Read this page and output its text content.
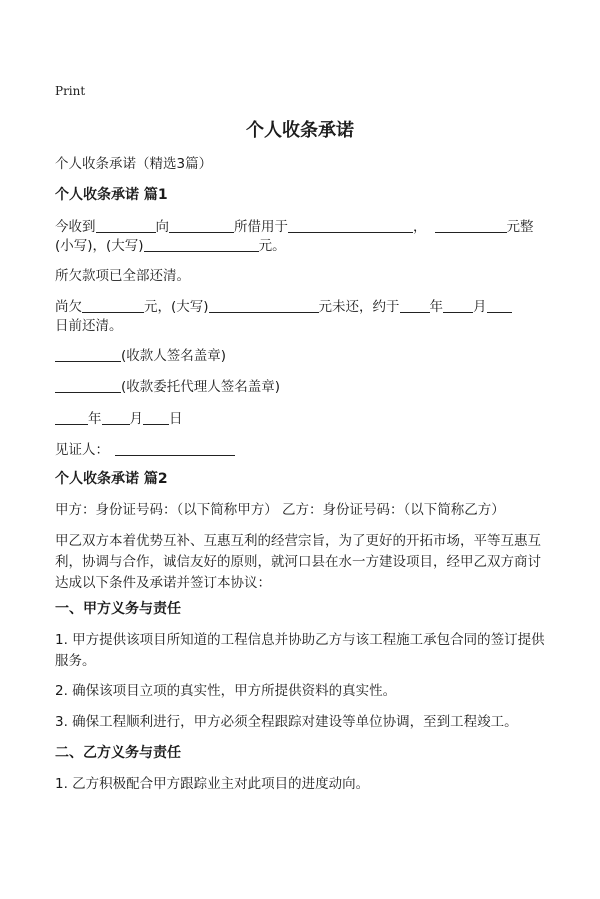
Print
个人收条承诺
个人收条承诺（精选3篇）
个人收条承诺 篇1
今收到	向	所借用于	，	元整
(小写)，(大写)	元。
所欠款项已全部还清。
尚欠	元，(大写)	元未还，约于 年 月
日前还清。
(收款人签名盖章)
(收款委托代理人签名盖章)
年 月 日
见证人：
个人收条承诺 篇2
甲方：身份证号码：（以下简称甲方） 乙方：身份证号码：（以下简称乙方）
甲乙双方本着优势互补、互惠互利的经营宗旨，为了更好的开拓市场，平等互惠互利，协调与合作，诚信友好的原则，就河口县在水一方建设项目，经甲乙双方商讨达成以下条件及承诺并签订本协议：
一、甲方义务与责任
1. 甲方提供该项目所知道的工程信息并协助乙方与该工程施工承包合同的签订提供服务。
2. 确保该项目立项的真实性，甲方所提供资料的真实性。
3. 确保工程顺利进行，甲方必须全程跟踪对建设等单位协调，至到工程竣工。
二、乙方义务与责任
1. 乙方积极配合甲方跟踪业主对此项目的进度动向。
